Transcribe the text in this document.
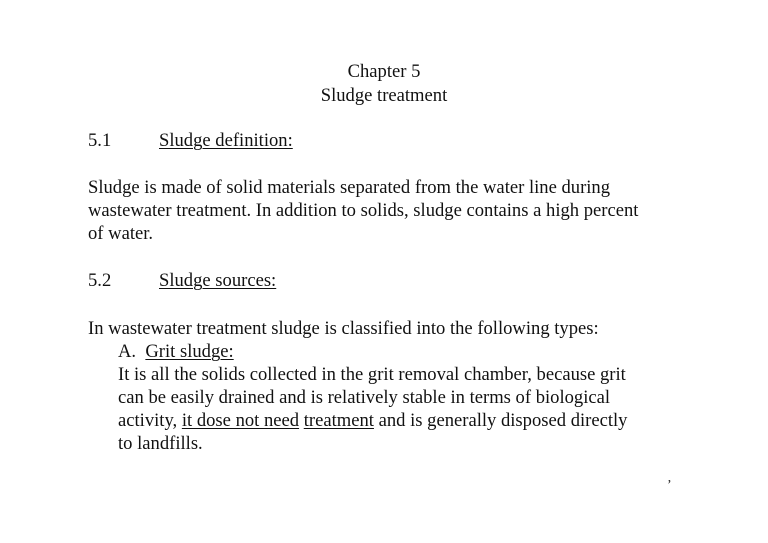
Chapter 5
Sludge treatment
5.1	Sludge definition:
Sludge is made of solid materials separated from the water line during
wastewater treatment. In addition to solids, sludge contains a high percent
of water.
5.2	Sludge sources:
In wastewater treatment sludge is classified into the following types:
A. Grit sludge:
It is all the solids collected in the grit removal chamber, because grit
can be easily drained and is relatively stable in terms of biological
activity, it dose not need treatment and is generally disposed directly
to landfills.
ʼ
